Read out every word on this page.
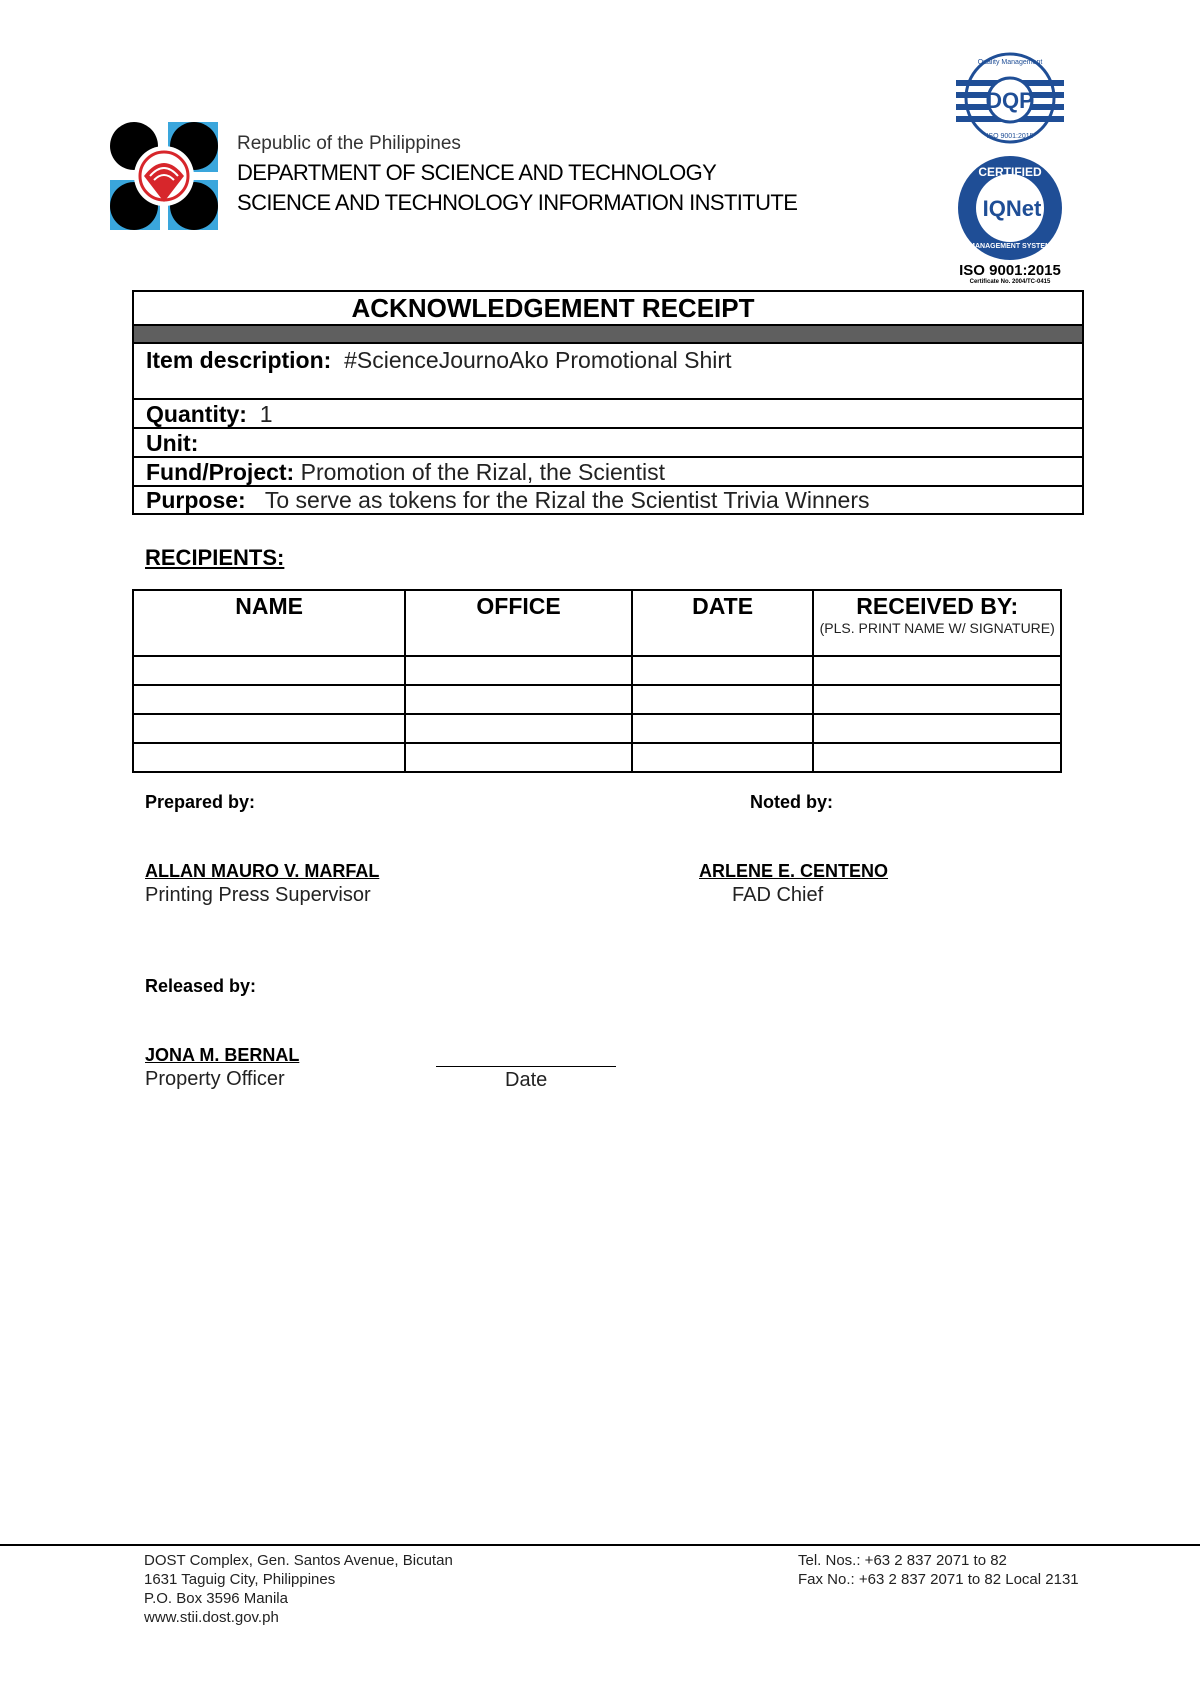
Republic of the Philippines
DEPARTMENT OF SCIENCE AND TECHNOLOGY
SCIENCE AND TECHNOLOGY INFORMATION INSTITUTE
DQP
Quality Management
ISO 9001:2015
CERTIFIED
MANAGEMENT SYSTEM
IQNet
ISO 9001:2015
Certificate No. 2004/TC-0415
ACKNOWLEDGEMENT RECEIPT
Item description: #ScienceJournoAko Promotional Shirt
Quantity: 1
Unit:
Fund/Project: Promotion of the Rizal, the Scientist
Purpose: To serve as tokens for the Rizal the Scientist Trivia Winners
RECIPIENTS:
NAME	OFFICE	DATE	RECEIVED BY:
(PLS. PRINT NAME W/ SIGNATURE)

Prepared by:
ALLAN MAURO V. MARFAL
Printing Press Supervisor
Noted by:
ARLENE E. CENTENO
FAD Chief
Released by:
JONA M. BERNAL
Property Officer	Date
DOST Complex, Gen. Santos Avenue, Bicutan
1631 Taguig City, Philippines
P.O. Box 3596 Manila
www.stii.dost.gov.ph
Tel. Nos.: +63 2 837 2071 to 82
Fax No.: +63 2 837 2071 to 82 Local 2131
